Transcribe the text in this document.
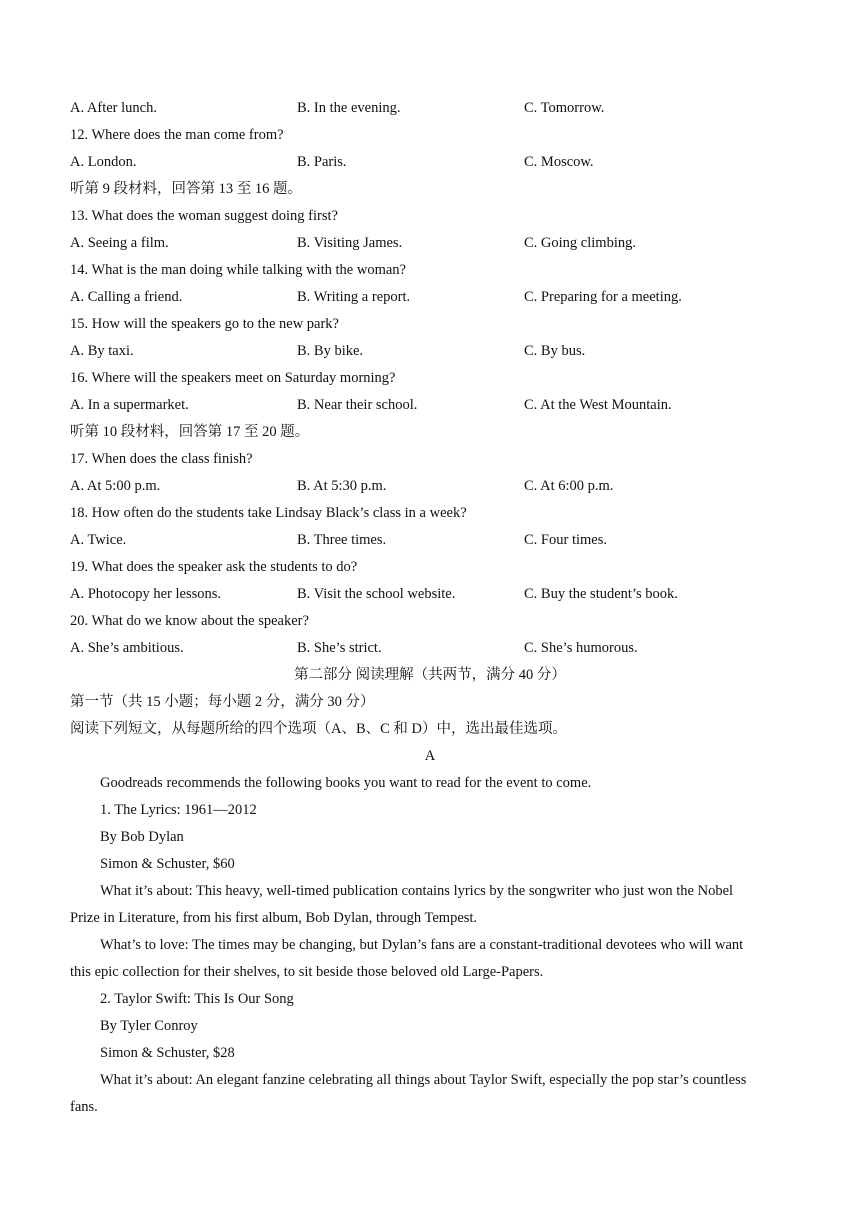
A. After lunch.	B. In the evening.	C. Tomorrow.
12. Where does the man come from?
A. London.	B. Paris.	C. Moscow.
听第 9 段材料，回答第 13 至 16 题。
13. What does the woman suggest doing first?
A. Seeing a film.	B. Visiting James.	C. Going climbing.
14. What is the man doing while talking with the woman?
A. Calling a friend.	B. Writing a report.	C. Preparing for a meeting.
15. How will the speakers go to the new park?
A. By taxi.	B. By bike.	C. By bus.
16. Where will the speakers meet on Saturday morning?
A. In a supermarket.	B. Near their school.	C. At the West Mountain.
听第 10 段材料，回答第 17 至 20 题。
17. When does the class finish?
A. At 5:00 p.m.	B. At 5:30 p.m.	C. At 6:00 p.m.
18. How often do the students take Lindsay Black’s class in a week?
A. Twice.	B. Three times.	C. Four times.
19. What does the speaker ask the students to do?
A. Photocopy her lessons.	B. Visit the school website.	C. Buy the student’s book.
20. What do we know about the speaker?
A. She’s ambitious.	B. She’s strict.	C. She’s humorous.
第二部分 阅读理解（共两节，满分 40 分）
第一节（共 15 小题；每小题 2 分，满分 30 分）
阅读下列短文，从每题所给的四个选项（A、B、C 和 D）中，选出最佳选项。
A
Goodreads recommends the following books you want to read for the event to come.
1. The Lyrics: 1961—2012
By Bob Dylan
Simon & Schuster, $60
What it’s about: This heavy, well-timed publication contains lyrics by the songwriter who just won the Nobel
Prize in Literature, from his first album, Bob Dylan, through Tempest.
What’s to love: The times may be changing, but Dylan’s fans are a constant-traditional devotees who will want
this epic collection for their shelves, to sit beside those beloved old Large-Papers.
2. Taylor Swift: This Is Our Song
By Tyler Conroy
Simon & Schuster, $28
What it’s about: An elegant fanzine celebrating all things about Taylor Swift, especially the pop star’s countless
fans.
